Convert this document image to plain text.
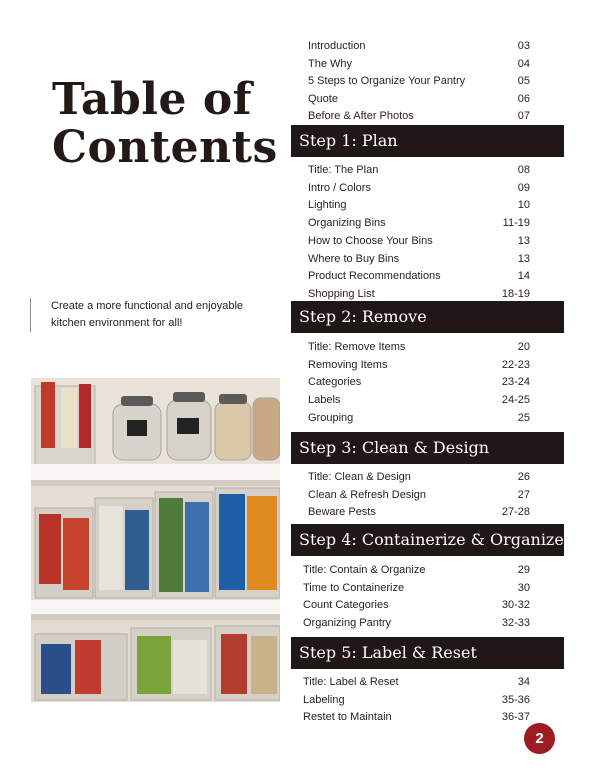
Table of
Contents
Create a more functional and enjoyable
kitchen environment for all!
Introduction	03
The Why	04
5 Steps to Organize Your Pantry	05
Quote	06
Before & After Photos	07
Step 1: Plan
Title: The Plan	08
Intro / Colors	09
Lighting	10
Organizing Bins	11-19
How to Choose Your Bins	13
Where to Buy Bins	13
Product Recommendations	14
Shopping List	18-19
Step 2: Remove
Title: Remove Items	20
Removing Items	22-23
Categories	23-24
Labels	24-25
Grouping	25
Step 3: Clean & Design
Title: Clean & Design	26
Clean & Refresh Design	27
Beware Pests	27-28
Step 4: Containerize & Organize
Title: Contain & Organize	29
Time to Containerize	30
Count Categories	30-32
Organizing Pantry	32-33
Step 5: Label & Reset
Title: Label & Reset	34
Labeling	35-36
Restet to Maintain	36-37
2
